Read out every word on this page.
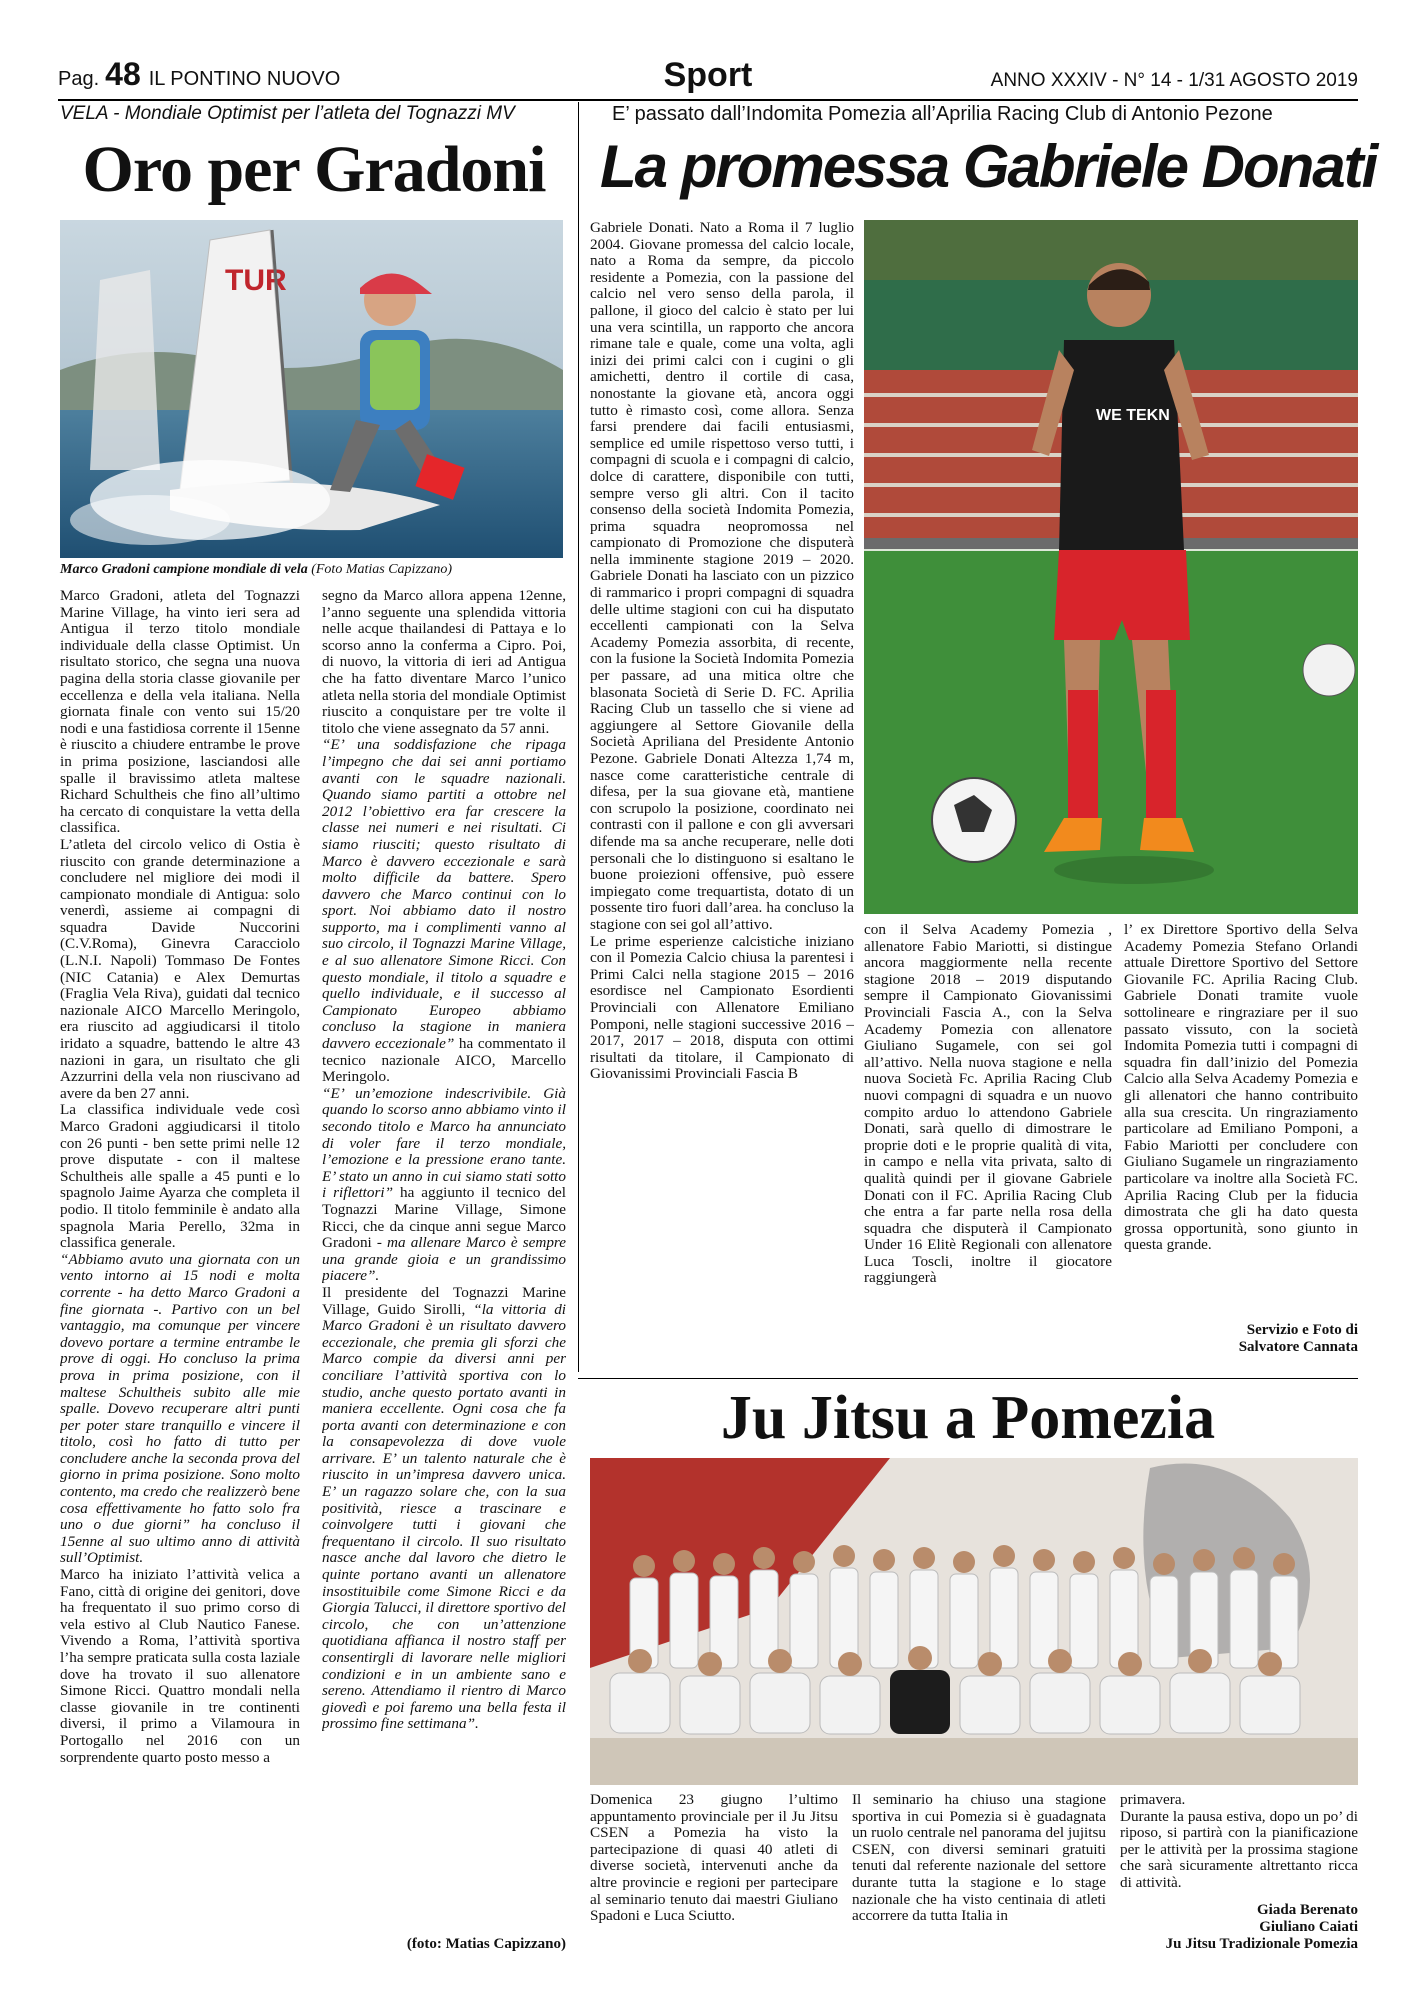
Pag. 48 IL PONTINO NUOVO	Sport	ANNO XXXIV - N° 14 - 1/31 AGOSTO 2019
VELA - Mondiale Optimist per l’atleta del Tognazzi MV
Oro per Gradoni
TUR
Marco Gradoni campione mondiale di vela (Foto Matias Capizzano)

Marco Gradoni, atleta del Tognazzi Marine Village, ha vinto ieri sera ad Antigua il terzo titolo mondiale individuale della classe Optimist. Un risultato storico, che segna una nuova pagina della storia classe giovanile per eccellenza e della vela italiana. Nella giornata finale con vento sui 15/20 nodi e una fastidiosa corrente il 15enne è riuscito a chiudere entrambe le prove in prima posizione, lasciandosi alle spalle il bravissimo atleta maltese Richard Schultheis che fino all’ultimo ha cercato di conquistare la vetta della classifica.

L’atleta del circolo velico di Ostia è riuscito con grande determinazione a concludere nel migliore dei modi il campionato mondiale di Antigua: solo venerdì, assieme ai compagni di squadra Davide Nuccorini (C.V.Roma), Ginevra Caracciolo (L.N.I. Napoli) Tommaso De Fontes (NIC Catania) e Alex Demurtas (Fraglia Vela Riva), guidati dal tecnico nazionale AICO Marcello Meringolo, era riuscito ad aggiudicarsi il titolo iridato a squadre, battendo le altre 43 nazioni in gara, un risultato che gli Azzurrini della vela non riuscivano ad avere da ben 27 anni.

La classifica individuale vede così Marco Gradoni aggiudicarsi il titolo con 26 punti - ben sette primi nelle 12 prove disputate - con il maltese Schultheis alle spalle a 45 punti e lo spagnolo Jaime Ayarza che completa il podio. Il titolo femminile è andato alla spagnola Maria Perello, 32ma in classifica generale.

“Abbiamo avuto una giornata con un vento intorno ai 15 nodi e molta corrente - ha detto Marco Gradoni a fine giornata -. Partivo con un bel vantaggio, ma comunque per vincere dovevo portare a termine entrambe le prove di oggi. Ho concluso la prima prova in prima posizione, con il maltese Schultheis subito alle mie spalle. Dovevo recuperare altri punti per poter stare tranquillo e vincere il titolo, così ho fatto di tutto per concludere anche la seconda prova del giorno in prima posizione. Sono molto contento, ma credo che realizzerò bene cosa effettivamente ho fatto solo fra uno o due giorni” ha concluso il 15enne al suo ultimo anno di attività sull’Optimist.

Marco ha iniziato l’attività velica a Fano, città di origine dei genitori, dove ha frequentato il suo primo corso di vela estivo al Club Nautico Fanese. Vivendo a Roma, l’attività sportiva l’ha sempre praticata sulla costa laziale dove ha trovato il suo allenatore Simone Ricci. Quattro mondali nella classe giovanile in tre continenti diversi, il primo a Vilamoura in Portogallo nel 2016 con un sorprendente quarto posto messo a

segno da Marco allora appena 12enne, l’anno seguente una splendida vittoria nelle acque thailandesi di Pattaya e lo scorso anno la conferma a Cipro. Poi, di nuovo, la vittoria di ieri ad Antigua che ha fatto diventare Marco l’unico atleta nella storia del mondiale Optimist riuscito a conquistare per tre volte il titolo che viene assegnato da 57 anni.

“E’ una soddisfazione che ripaga l’impegno che dai sei anni portiamo avanti con le squadre nazionali. Quando siamo partiti a ottobre nel 2012 l’obiettivo era far crescere la classe nei numeri e nei risultati. Ci siamo riusciti; questo risultato di Marco è davvero eccezionale e sarà molto difficile da battere. Spero davvero che Marco continui con lo sport. Noi abbiamo dato il nostro supporto, ma i complimenti vanno al suo circolo, il Tognazzi Marine Village, e al suo allenatore Simone Ricci. Con questo mondiale, il titolo a squadre e quello individuale, e il successo al Campionato Europeo abbiamo concluso la stagione in maniera davvero eccezionale” ha commentato il tecnico nazionale AICO, Marcello Meringolo.

“E’ un’emozione indescrivibile. Già quando lo scorso anno abbiamo vinto il secondo titolo e Marco ha annunciato di voler fare il terzo mondiale, l’emozione e la pressione erano tante. E’ stato un anno in cui siamo stati sotto i riflettori” ha aggiunto il tecnico del Tognazzi Marine Village, Simone Ricci, che da cinque anni segue Marco Gradoni - ma allenare Marco è sempre una grande gioia e un grandissimo piacere”.

Il presidente del Tognazzi Marine Village, Guido Sirolli, “la vittoria di Marco Gradoni è un risultato davvero eccezionale, che premia gli sforzi che Marco compie da diversi anni per conciliare l’attività sportiva con lo studio, anche questo portato avanti in maniera eccellente. Ogni cosa che fa porta avanti con determinazione e con la consapevolezza di dove vuole arrivare. E’ un talento naturale che è riuscito in un’impresa davvero unica. E’ un ragazzo solare che, con la sua positività, riesce a trascinare e coinvolgere tutti i giovani che frequentano il circolo. Il suo risultato nasce anche dal lavoro che dietro le quinte portano avanti un allenatore insostituibile come Simone Ricci e da Giorgia Talucci, il direttore sportivo del circolo, che con un’attenzione quotidiana affianca il nostro staff per consentirgli di lavorare nelle migliori condizioni e in un ambiente sano e sereno. Attendiamo il rientro di Marco giovedì e poi faremo una bella festa il prossimo fine settimana”.

(foto: Matias Capizzano)
E’ passato dall’Indomita Pomezia all’Aprilia Racing Club di Antonio Pezone
La promessa Gabriele Donati

Gabriele Donati. Nato a Roma il 7 luglio 2004. Giovane promessa del calcio locale, nato a Roma da sempre, da piccolo residente a Pomezia, con la passione del calcio nel vero senso della parola, il pallone, il gioco del calcio è stato per lui una vera scintilla, un rapporto che ancora rimane tale e quale, come una volta, agli inizi dei primi calci con i cugini o gli amichetti, dentro il cortile di casa, nonostante la giovane età, ancora oggi tutto è rimasto così, come allora. Senza farsi prendere dai facili entusiasmi, semplice ed umile rispettoso verso tutti, i compagni di scuola e i compagni di calcio, dolce di carattere, disponibile con tutti, sempre verso gli altri. Con il tacito consenso della società Indomita Pomezia, prima squadra neopromossa nel campionato di Promozione che disputerà nella imminente stagione 2019 – 2020. Gabriele Donati ha lasciato con un pizzico di rammarico i propri compagni di squadra delle ultime stagioni con cui ha disputato eccellenti campionati con la Selva Academy Pomezia assorbita, di recente, con la fusione la Società Indomita Pomezia per passare, ad una mitica oltre che blasonata Società di Serie D. FC. Aprilia Racing Club un tassello che si viene ad aggiungere al Settore Giovanile della Società Apriliana del Presidente Antonio Pezone. Gabriele Donati Altezza 1,74 m, nasce come caratteristiche centrale di difesa, per la sua giovane età, mantiene con scrupolo la posizione, coordinato nei contrasti con il pallone e con gli avversari difende ma sa anche recuperare, nelle doti personali che lo distinguono si esaltano le buone proiezioni offensive, può essere impiegato come trequartista, dotato di un possente tiro fuori dall’area. ha concluso la stagione con sei gol all’attivo.

Le prime esperienze calcistiche iniziano con il Pomezia Calcio chiusa la parentesi i Primi Calci nella stagione 2015 – 2016 esordisce nel Campionato Esordienti Provinciali con Allenatore Emiliano Pomponi, nelle stagioni successive 2016 – 2017, 2017 – 2018, disputa con ottimi risultati da titolare, il Campionato di Giovanissimi Provinciali Fascia B

WE TEKN

con il Selva Academy Pomezia , allenatore Fabio Mariotti, si distingue ancora maggiormente nella recente stagione 2018 – 2019 disputando sempre il Campionato Giovanissimi Provinciali Fascia A., con la Selva Academy Pomezia con allenatore Giuliano Sugamele, con sei gol all’attivo. Nella nuova stagione e nella nuova Società Fc. Aprilia Racing Club nuovi compagni di squadra e un nuovo compito arduo lo attendono Gabriele Donati, sarà quello di dimostrare le proprie doti e le proprie qualità di vita, in campo e nella vita privata, salto di qualità quindi per il giovane Gabriele Donati con il FC. Aprilia Racing Club che entra a far parte nella rosa della squadra che disputerà il Campionato Under 16 Elitè Regionali con allenatore Luca Toscli, inoltre il giocatore raggiungerà

l’ ex Direttore Sportivo della Selva Academy Pomezia Stefano Orlandi attuale Direttore Sportivo del Settore Giovanile FC. Aprilia Racing Club. Gabriele Donati tramite vuole sottolineare e ringraziare per il suo passato vissuto, con la società Indomita Pomezia tutti i compagni di squadra fin dall’inizio del Pomezia Calcio alla Selva Academy Pomezia e gli allenatori che hanno contribuito alla sua crescita. Un ringraziamento particolare ad Emiliano Pomponi, a Fabio Mariotti per concludere con Giuliano Sugamele un ringraziamento particolare va inoltre alla Società FC. Aprilia Racing Club per la fiducia dimostrata che gli ha dato questa grossa opportunità, sono giunto in questa grande.

Servizio e Foto di
Salvatore Cannata
Ju Jitsu a Pomezia

Domenica 23 giugno l’ultimo appuntamento provinciale per il Ju Jitsu CSEN a Pomezia ha visto la partecipazione di quasi 40 atleti di diverse società, intervenuti anche da altre provincie e regioni per partecipare al seminario tenuto dai maestri Giuliano Spadoni e Luca Sciutto.

Il seminario ha chiuso una stagione sportiva in cui Pomezia si è guadagnata un ruolo centrale nel panorama del jujitsu CSEN, con diversi seminari gratuiti tenuti dal referente nazionale del settore durante tutta la stagione e lo stage nazionale che ha visto centinaia di atleti accorrere da tutta Italia in

primavera.
Durante la pausa estiva, dopo un po’ di riposo, si partirà con la pianificazione per le attività per la prossima stagione che sarà sicuramente altrettanto ricca di attività.

Giada Berenato
Giuliano Caiati
Ju Jitsu Tradizionale Pomezia
